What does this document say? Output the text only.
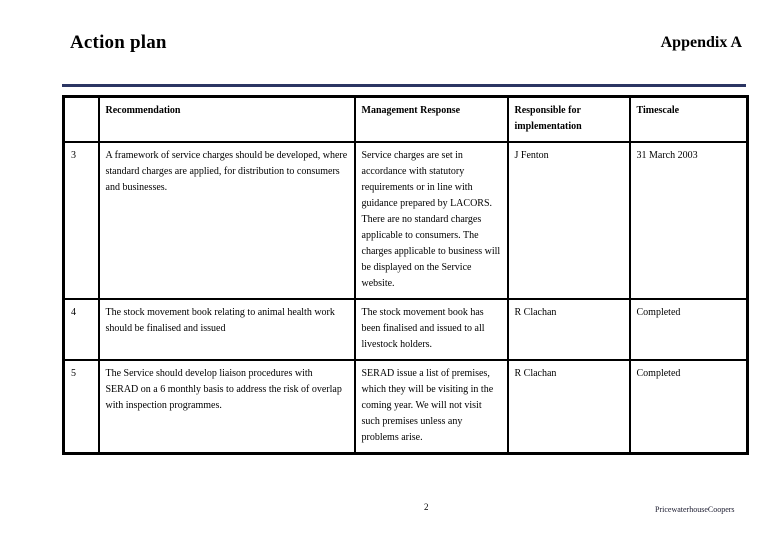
Action plan	Appendix A
	Recommendation	Management Response	Responsible for implementation	Timescale
3	A framework of service charges should be developed, where standard charges are applied, for distribution to consumers and businesses.	Service charges are set in accordance with statutory requirements or in line with guidance prepared by LACORS. There are no standard charges applicable to consumers. The charges applicable to business will be displayed on the Service website.	J Fenton	31 March 2003
4	The stock movement book relating to animal health work should be finalised and issued	The stock movement book has been finalised and issued to all livestock holders.	R Clachan	Completed
5	The Service should develop liaison procedures with SERAD on a 6 monthly basis to address the risk of overlap with inspection programmes.	SERAD issue a list of premises, which they will be visiting in the coming year. We will not visit such premises unless any problems arise.	R Clachan	Completed
2	PricewaterhouseCoopers
